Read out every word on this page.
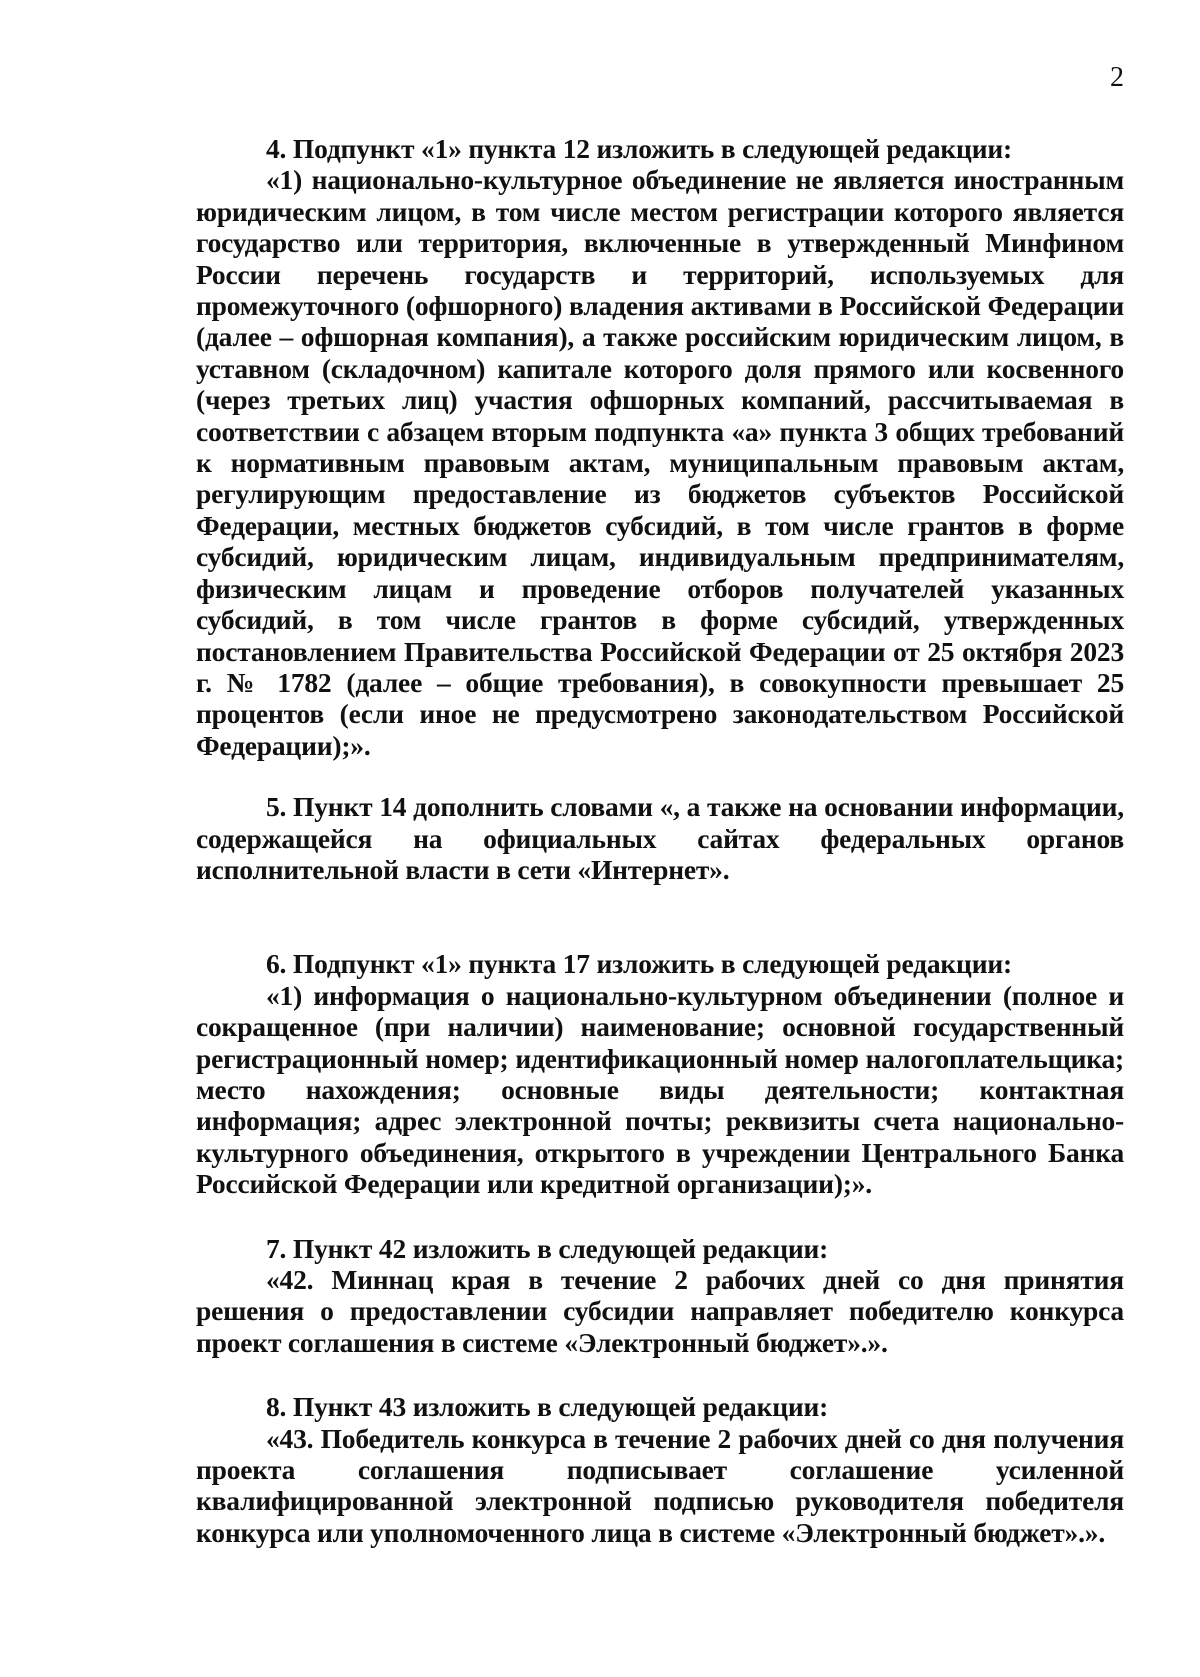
2

4. Подпункт «1» пункта 12 изложить в следующей редакции:

«1) национально-культурное объединение не является иностранным юридическим лицом, в том числе местом регистрации которого является государство или территория, включенные в утвержденный Минфином России перечень государств и территорий, используемых для промежуточного (офшорного) владения активами в Российской Федерации (далее – офшорная компания), а также российским юридическим лицом, в уставном (складочном) капитале которого доля прямого или косвенного (через третьих лиц) участия офшорных компаний, рассчитываемая в соответствии с абзацем вторым подпункта «а» пункта 3 общих требований к нормативным правовым актам, муниципальным правовым актам, регулирующим предоставление из бюджетов субъектов Российской Федерации, местных бюджетов субсидий, в том числе грантов в форме субсидий, юридическим лицам, индивидуальным предпринимателям, физическим лицам и проведение отборов получателей указанных субсидий, в том числе грантов в форме субсидий, утвержденных постановлением Правительства Российской Федерации от 25 октября 2023 г. № 1782 (далее – общие требования), в совокупности превышает 25 процентов (если иное не предусмотрено законодательством Российской Федерации);».

5. Пункт 14 дополнить словами «, а также на основании информации, содержащейся на официальных сайтах федеральных органов исполнительной власти в сети «Интернет».

6. Подпункт «1» пункта 17 изложить в следующей редакции:

«1) информация о национально-культурном объединении (полное и сокращенное (при наличии) наименование; основной государственный регистрационный номер; идентификационный номер налогоплательщика; место нахождения; основные виды деятельности; контактная информация; адрес электронной почты; реквизиты счета национально-культурного объединения, открытого в учреждении Центрального Банка Российской Федерации или кредитной организации);».

7. Пункт 42 изложить в следующей редакции:

«42. Миннац края в течение 2 рабочих дней со дня принятия решения о предоставлении субсидии направляет победителю конкурса проект соглашения в системе «Электронный бюджет».».

8. Пункт 43 изложить в следующей редакции:

«43. Победитель конкурса в течение 2 рабочих дней со дня получения проекта соглашения подписывает соглашение усиленной квалифицированной электронной подписью руководителя победителя конкурса или уполномоченного лица в системе «Электронный бюджет».».
